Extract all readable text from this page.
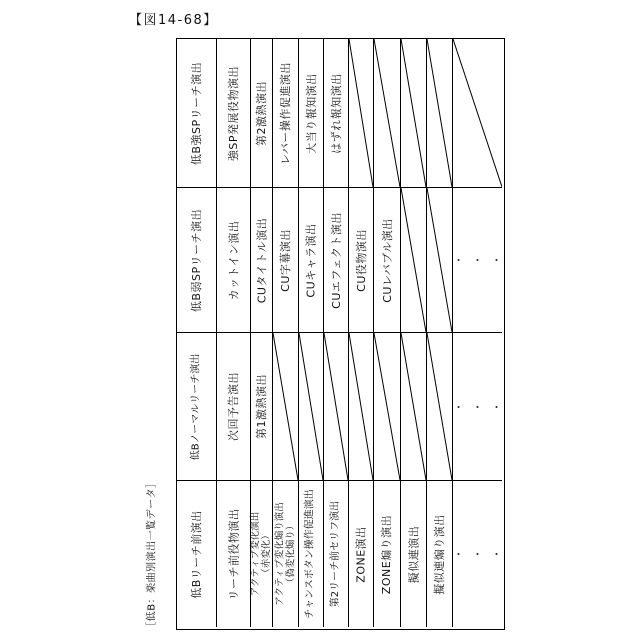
【図14-68】
［低B：楽曲別演出一覧データ］
低B強SPリーチ演出 強SP発展役物演出 第2激熱演出 レバー操作促進演出 大当り報知演出 はずれ報知演出
低B弱SPリーチ演出 カットイン演出 CUタイトル演出 CU字幕演出 CUキャラ演出 CUエフェクト演出 CU役物演出 CUレバブル演出	・・・
低Bノーマルリーチ演出 次回予告演出 第1激熱演出	・・・
低Bリーチ前演出 リーチ前役物演出 アクティブ変化演出 （赤変化） アクティブ変化煽り演出 （偽変化煽り） チャンスボタン操作促進演出 第2リーチ前セリフ演出 ZONE演出 ZONE煽り演出 擬似連演出 擬似連煽り演出 ・・・
